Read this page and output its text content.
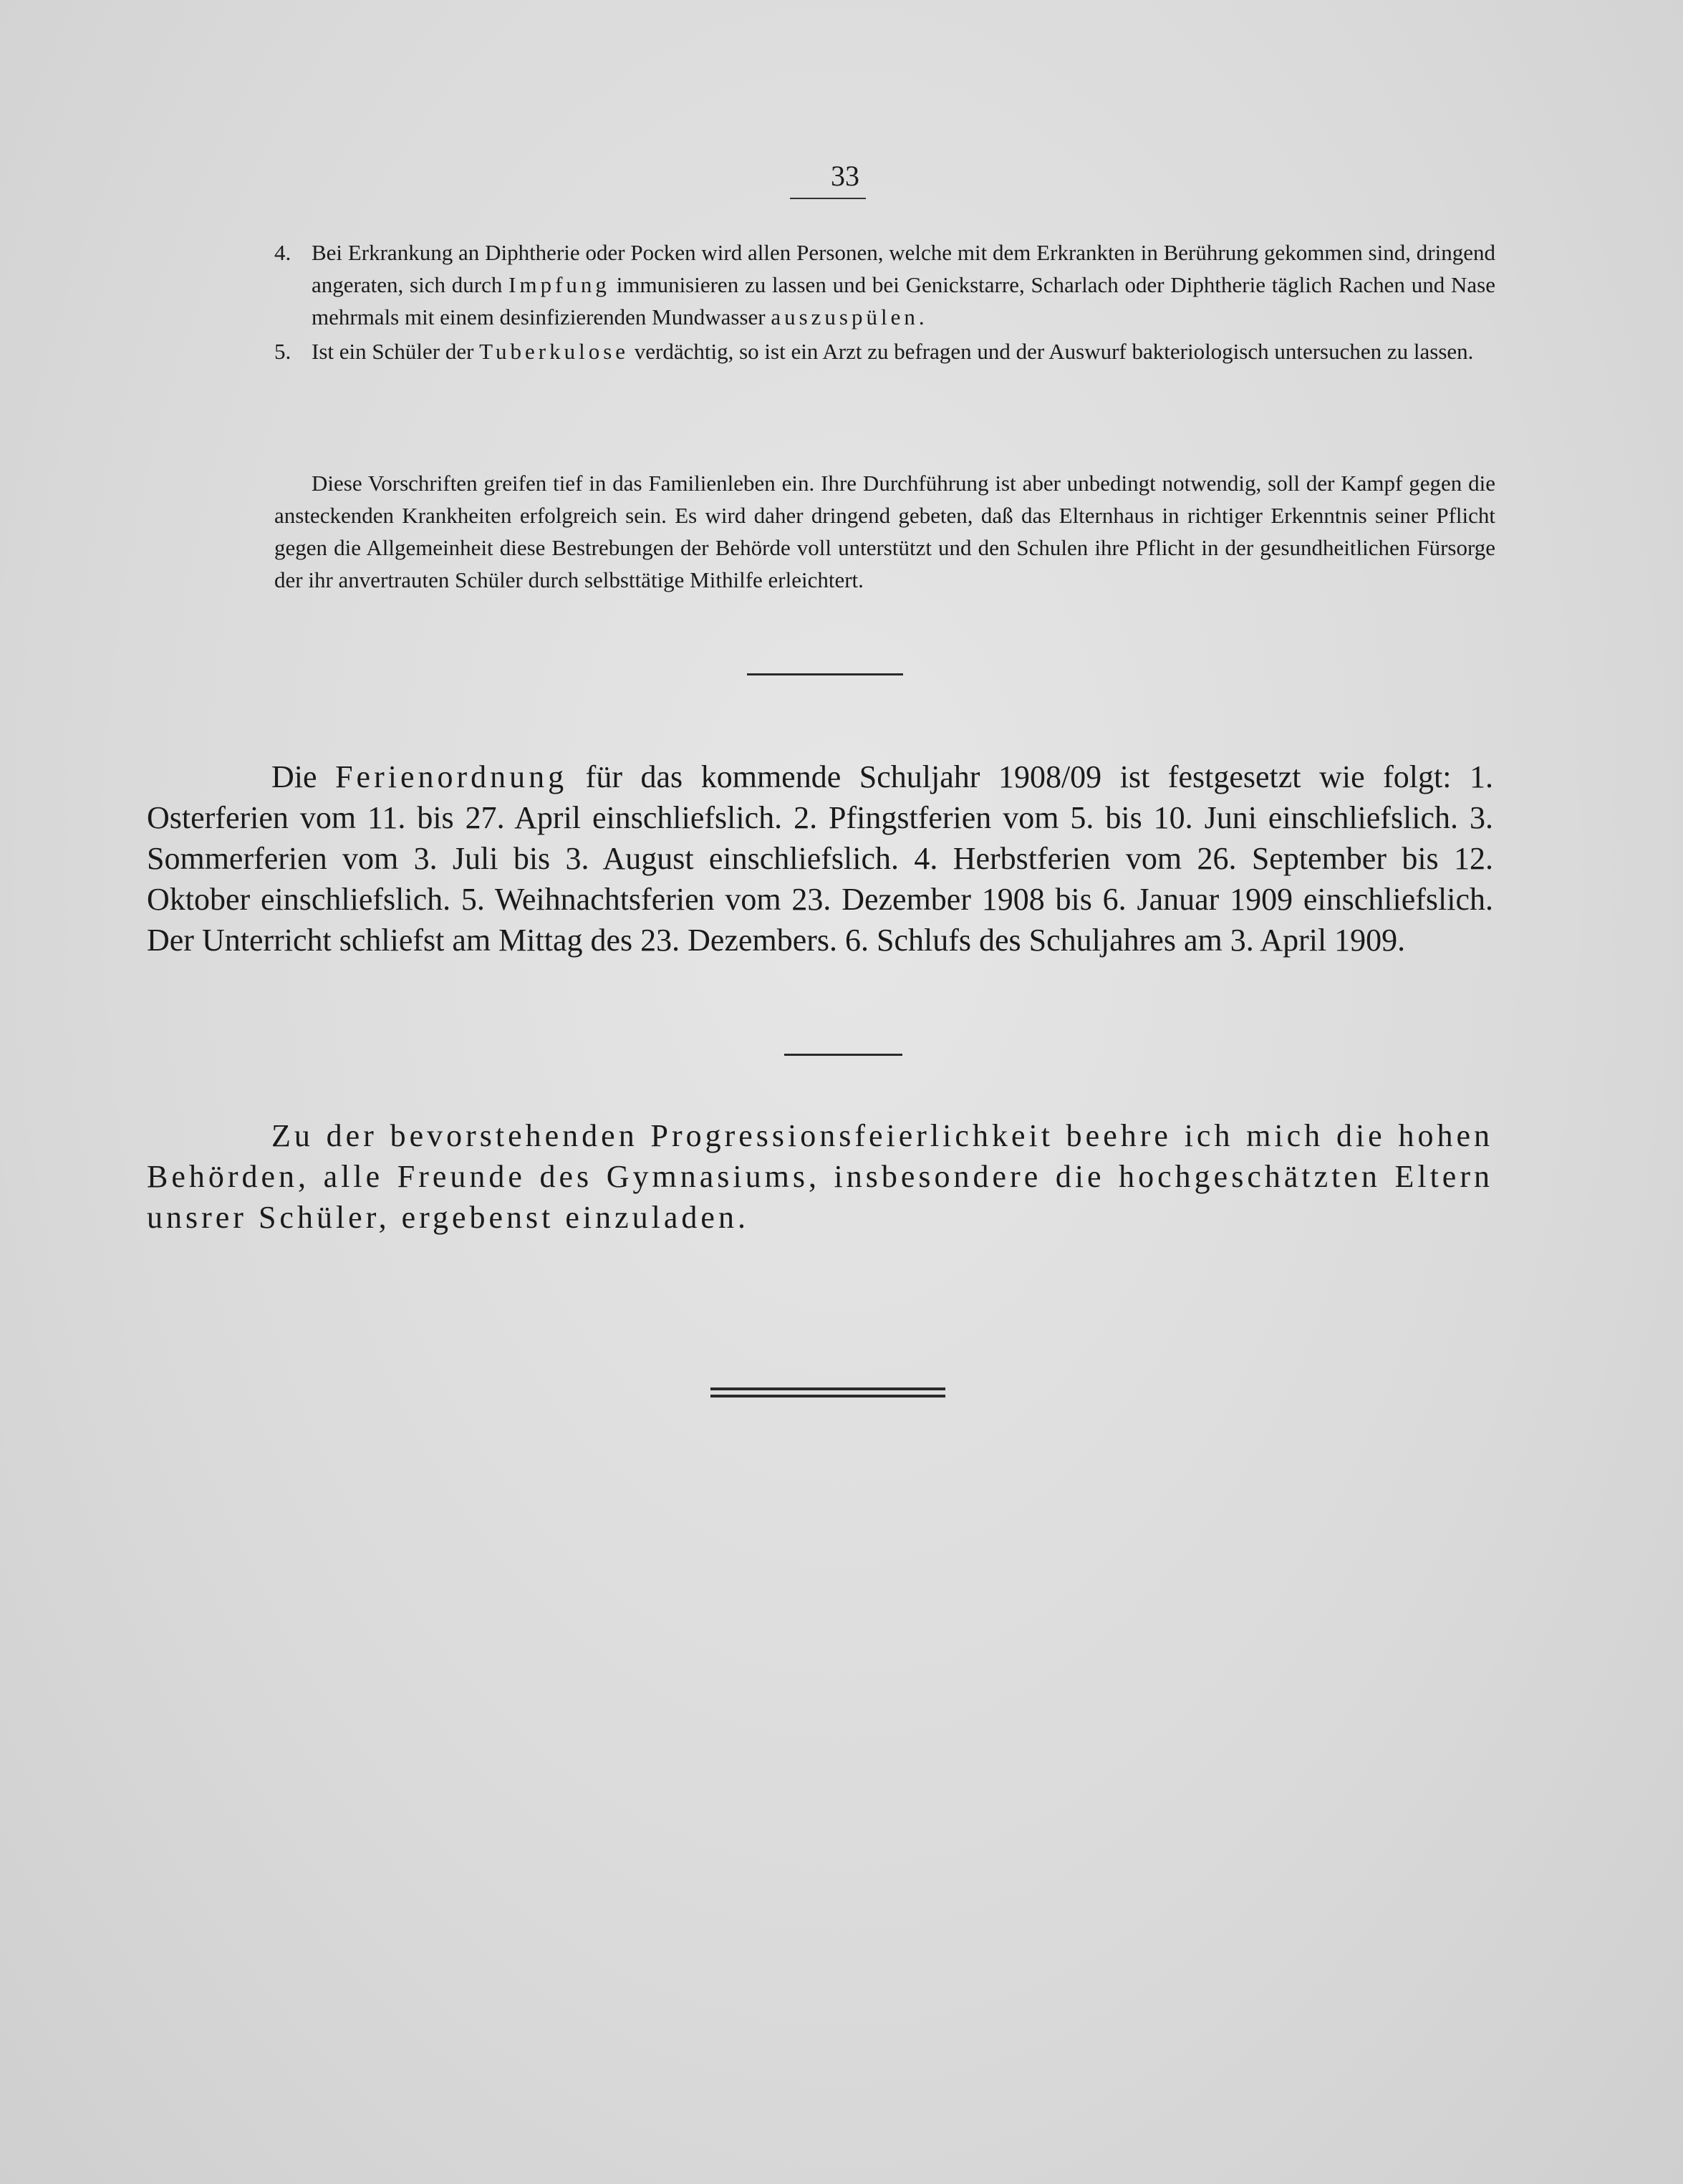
33
4. Bei Erkrankung an Diphtherie oder Pocken wird allen Personen, welche mit dem Erkrankten in Berührung gekommen sind, dringend angeraten, sich durch Impfung immunisieren zu lassen und bei Genickstarre, Scharlach oder Diphtherie täglich Rachen und Nase mehrmals mit einem desinfizierenden Mundwasser auszuspülen.
5. Ist ein Schüler der Tuberkulose verdächtig, so ist ein Arzt zu befragen und der Auswurf bakteriologisch untersuchen zu lassen.

Diese Vorschriften greifen tief in das Familienleben ein. Ihre Durchführung ist aber unbedingt notwendig, soll der Kampf gegen die ansteckenden Krankheiten erfolgreich sein. Es wird daher dringend gebeten, daß das Elternhaus in richtiger Erkenntnis seiner Pflicht gegen die Allgemeinheit diese Bestrebungen der Behörde voll unterstützt und den Schulen ihre Pflicht in der gesundheitlichen Fürsorge der ihr anvertrauten Schüler durch selbsttätige Mithilfe erleichtert.

Die Ferienordnung für das kommende Schuljahr 1908/09 ist festgesetzt wie folgt: 1. Osterferien vom 11. bis 27. April einschliefslich. 2. Pfingstferien vom 5. bis 10. Juni einschliefslich. 3. Sommerferien vom 3. Juli bis 3. August einschliefslich. 4. Herbstferien vom 26. September bis 12. Oktober einschliefslich. 5. Weihnachtsferien vom 23. Dezember 1908 bis 6. Januar 1909 einschliefslich. Der Unterricht schliefst am Mittag des 23. Dezembers. 6. Schlufs des Schuljahres am 3. April 1909.

Zu der bevorstehenden Progressionsfeierlichkeit beehre ich mich die hohen Behörden, alle Freunde des Gymnasiums, insbesondere die hochgeschätzten Eltern unsrer Schüler, ergebenst einzuladen.
